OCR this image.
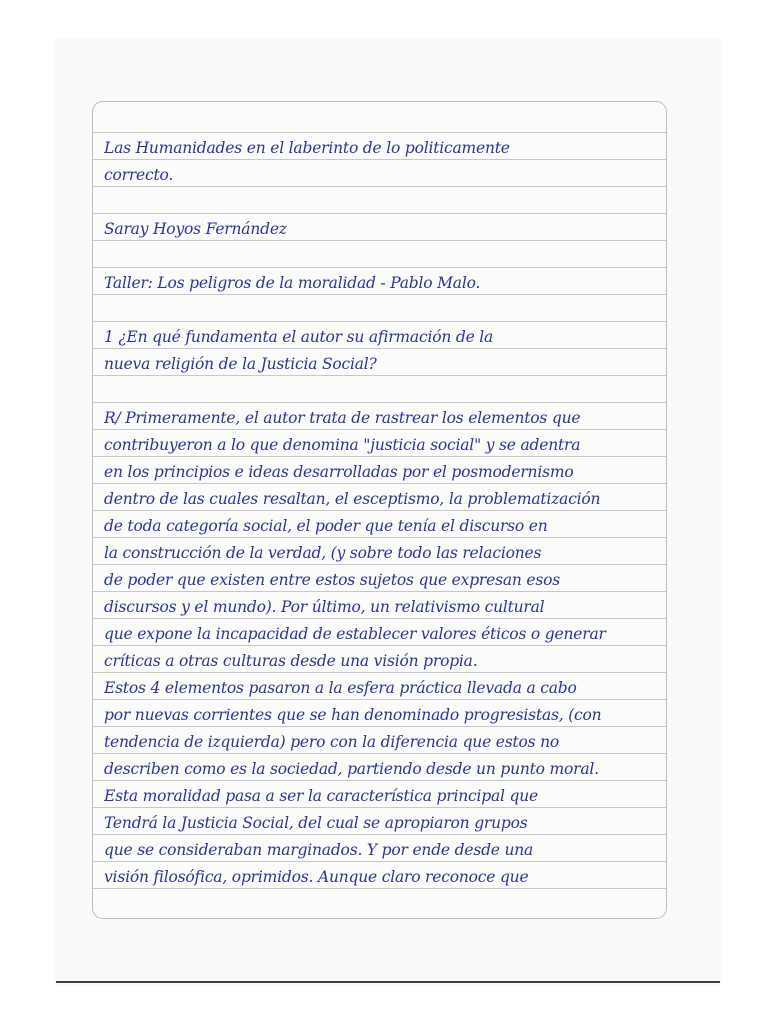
Las Humanidades en el laberinto de lo politicamente
correcto.
Saray Hoyos Fernández
Taller: Los peligros de la moralidad - Pablo Malo.
1 ¿En qué fundamenta el autor su afirmación de la
nueva religión de la Justicia Social?
R/ Primeramente, el autor trata de rastrear los elementos que
contribuyeron a lo que denomina "justicia social" y se adentra
en los principios e ideas desarrolladas por el posmodernismo
dentro de las cuales resaltan, el esceptismo, la problematización
de toda categoría social, el poder que tenía el discurso en
la construcción de la verdad, (y sobre todo las relaciones
de poder que existen entre estos sujetos que expresan esos
discursos y el mundo). Por último, un relativismo cultural
que expone la incapacidad de establecer valores éticos o generar
críticas a otras culturas desde una visión propia.
Estos 4 elementos pasaron a la esfera práctica llevada a cabo
por nuevas corrientes que se han denominado progresistas, (con
tendencia de izquierda) pero con la diferencia que estos no
describen como es la sociedad, partiendo desde un punto moral.
Esta moralidad pasa a ser la característica principal que
Tendrá la Justicia Social, del cual se apropiaron grupos
que se consideraban marginados. Y por ende desde una
visión filosófica, oprimidos. Aunque claro reconoce que
